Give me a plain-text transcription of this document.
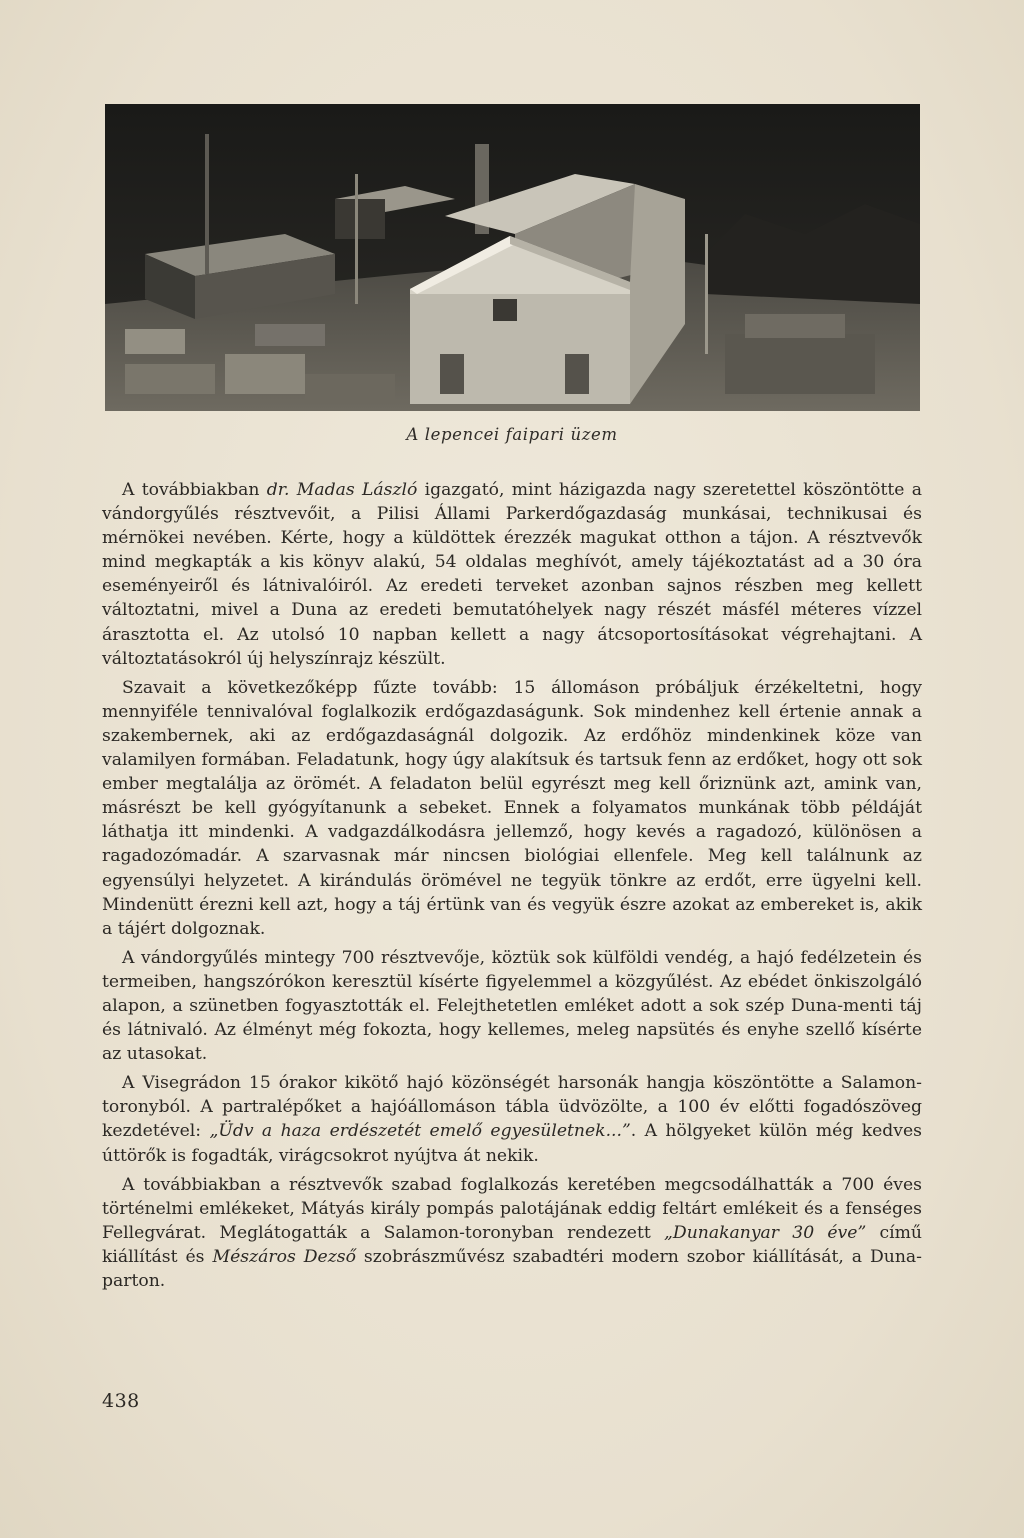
A lepencei faipari üzem

A továbbiakban dr. Madas László igazgató, mint házigazda nagy szeretettel köszöntötte a vándorgyűlés résztvevőit, a Pilisi Állami Parkerdőgazdaság munkásai, technikusai és mérnökei nevében. Kérte, hogy a küldöttek érezzék magukat otthon a tájon. A résztvevők mind megkapták a kis könyv alakú, 54 oldalas meghívót, amely tájékoztatást ad a 30 óra eseményeiről és látnivalóiról. Az eredeti terveket azonban sajnos részben meg kellett változtatni, mivel a Duna az eredeti bemutatóhelyek nagy részét másfél méteres vízzel árasztotta el. Az utolsó 10 napban kellett a nagy átcsoportosításokat végrehajtani. A változtatásokról új helyszínrajz készült.

Szavait a következőképp fűzte tovább: 15 állomáson próbáljuk érzékeltetni, hogy mennyiféle tennivalóval foglalkozik erdőgazdaságunk. Sok mindenhez kell értenie annak a szakembernek, aki az erdőgazdaságnál dolgozik. Az erdőhöz mindenkinek köze van valamilyen formában. Feladatunk, hogy úgy alakítsuk és tartsuk fenn az erdőket, hogy ott sok ember megtalálja az örömét. A feladaton belül egyrészt meg kell őriznünk azt, amink van, másrészt be kell gyógyítanunk a sebeket. Ennek a folyamatos munkának több példáját láthatja itt mindenki. A vadgazdálkodásra jellemző, hogy kevés a ragadozó, különösen a ragadozómadár. A szarvasnak már nincsen biológiai ellenfele. Meg kell találnunk az egyensúlyi helyzetet. A kirándulás örömével ne tegyük tönkre az erdőt, erre ügyelni kell. Mindenütt érezni kell azt, hogy a táj értünk van és vegyük észre azokat az embereket is, akik a tájért dolgoznak.

A vándorgyűlés mintegy 700 résztvevője, köztük sok külföldi vendég, a hajó fedélzetein és termeiben, hangszórókon keresztül kísérte figyelemmel a közgyűlést. Az ebédet önkiszolgáló alapon, a szünetben fogyasztották el. Felejthetetlen emléket adott a sok szép Duna-menti táj és látnivaló. Az élményt még fokozta, hogy kellemes, meleg napsütés és enyhe szellő kísérte az utasokat.

A Visegrádon 15 órakor kikötő hajó közönségét harsonák hangja köszöntötte a Salamon-toronyból. A partralépőket a hajóállomáson tábla üdvözölte, a 100 év előtti fogadószöveg kezdetével: „Üdv a haza erdészetét emelő egyesületnek...”. A hölgyeket külön még kedves úttörők is fogadták, virágcsokrot nyújtva át nekik.

A továbbiakban a résztvevők szabad foglalkozás keretében megcsodálhatták a 700 éves történelmi emlékeket, Mátyás király pompás palotájának eddig feltárt emlékeit és a fenséges Fellegvárat. Meglátogatták a Salamon-toronyban rendezett „Dunakanyar 30 éve” című kiállítást és Mészáros Dezső szobrászművész szabadtéri modern szobor kiállítását, a Duna-parton.

438
